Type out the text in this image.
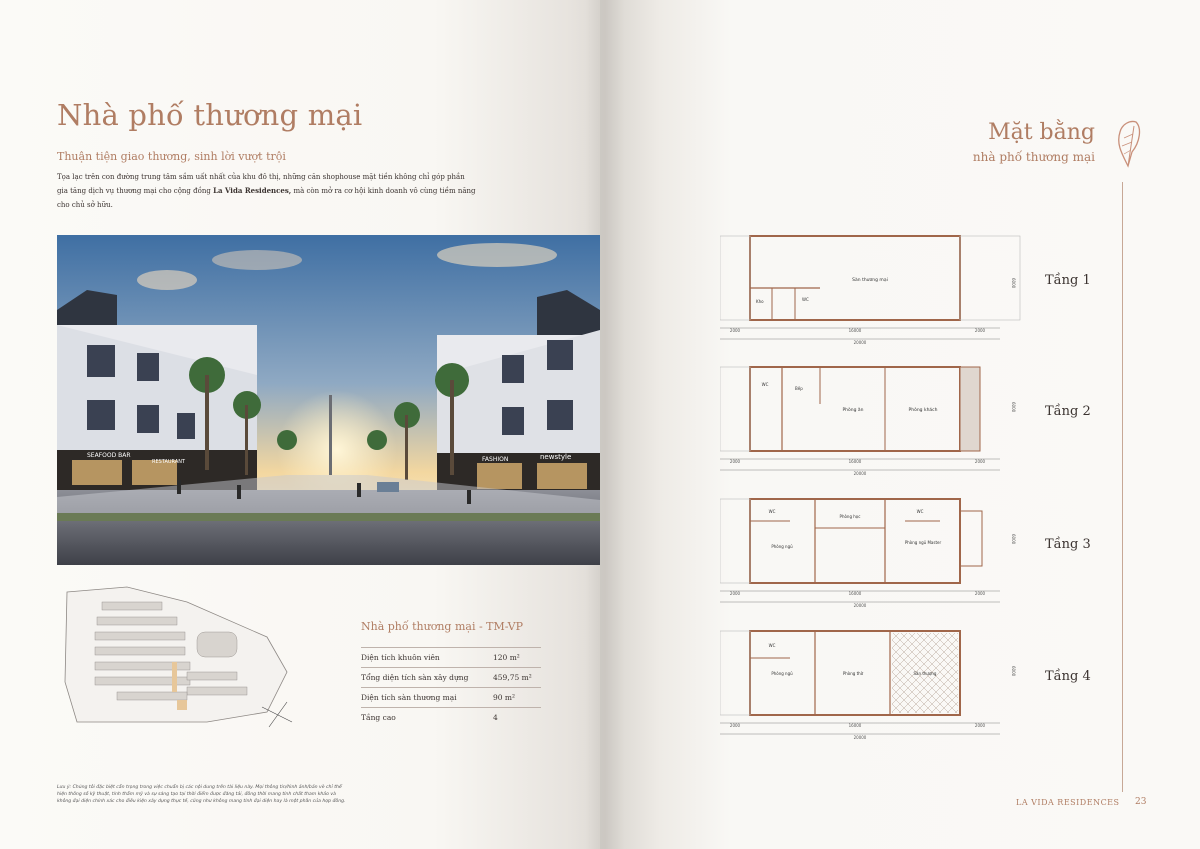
Nhà phố thương mại
Thuận tiện giao thương, sinh lời vượt trội
Tọa lạc trên con đường trung tâm sầm uất nhất của khu đô thị, những căn shophouse mặt tiền không chỉ góp phần gia tăng dịch vụ thương mại cho cộng đồng La Vida Residences, mà còn mở ra cơ hội kinh doanh vô cùng tiềm năng cho chủ sở hữu.
SEAFOOD BAR
RESTAURANT	FASHION	newstyle
Nhà phố thương mại - TM-VP
Diện tích khuôn viên	120 m²
Tổng diện tích sàn xây dựng	459,75 m²
Diện tích sàn thương mại	90 m²
Tầng cao	4
Lưu ý: Chúng tôi đặc biệt cẩn trọng trong việc chuẩn bị các nội dung trên tài liệu này. Mọi thông tin/hình ảnh/bản vẽ chỉ thể hiện thông số kỹ thuật, tính thẩm mỹ và sự sáng tạo tại thời điểm được đăng tải, đồng thời mang tính chất tham khảo và không đại diện chính xác cho điều kiện xây dựng thực tế, cũng như không mang tính đại diện hay là một phần của hợp đồng.
Mặt bằng
nhà phố thương mại
Sàn thương mại
Kho	WC
2000	16000	2000
20000
6000 Tầng 1
WC
Bếp
Phòng ăn	Phòng khách
2000	16000	2000
20000
6000 Tầng 2
WC
Phòng học
WC
Phòng ngủ
Phòng ngủ Master
2000	16000	2000
20000
6000 Tầng 3
WC
Phòng ngủ	Phòng thờ	Sân thượng
2000	16000	2000
20000
6000 Tầng 4
LA VIDA RESIDENCES 23
